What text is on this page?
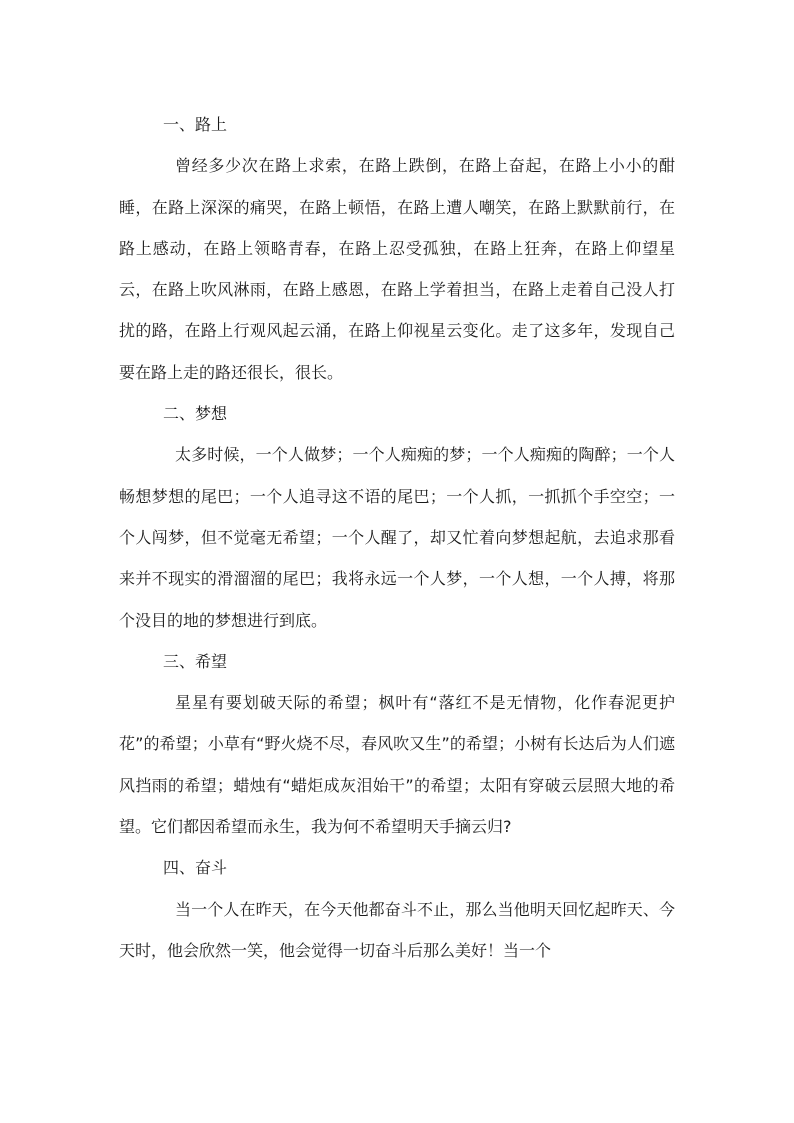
一、路上

曾经多少次在路上求索，在路上跌倒，在路上奋起，在路上小小的酣睡，在路上深深的痛哭，在路上顿悟，在路上遭人嘲笑，在路上默默前行，在路上感动，在路上领略青春，在路上忍受孤独，在路上狂奔，在路上仰望星云，在路上吹风淋雨，在路上感恩，在路上学着担当，在路上走着自己没人打扰的路，在路上行观风起云涌，在路上仰视星云变化。走了这多年，发现自己要在路上走的路还很长，很长。

二、梦想

太多时候，一个人做梦；一个人痴痴的梦；一个人痴痴的陶醉；一个人畅想梦想的尾巴；一个人追寻这不语的尾巴；一个人抓，一抓抓个手空空；一个人闯梦，但不觉毫无希望；一个人醒了，却又忙着向梦想起航，去追求那看来并不现实的滑溜溜的尾巴；我将永远一个人梦，一个人想，一个人搏，将那个没目的地的梦想进行到底。

三、希望

星星有要划破天际的希望；枫叶有“落红不是无情物，化作春泥更护花”的希望；小草有“野火烧不尽，春风吹又生”的希望；小树有长达后为人们遮风挡雨的希望；蜡烛有“蜡炬成灰泪始干”的希望；太阳有穿破云层照大地的希望。它们都因希望而永生，我为何不希望明天手摘云归?

四、奋斗

当一个人在昨天，在今天他都奋斗不止，那么当他明天回忆起昨天、今天时，他会欣然一笑，他会觉得一切奋斗后那么美好！当一个
